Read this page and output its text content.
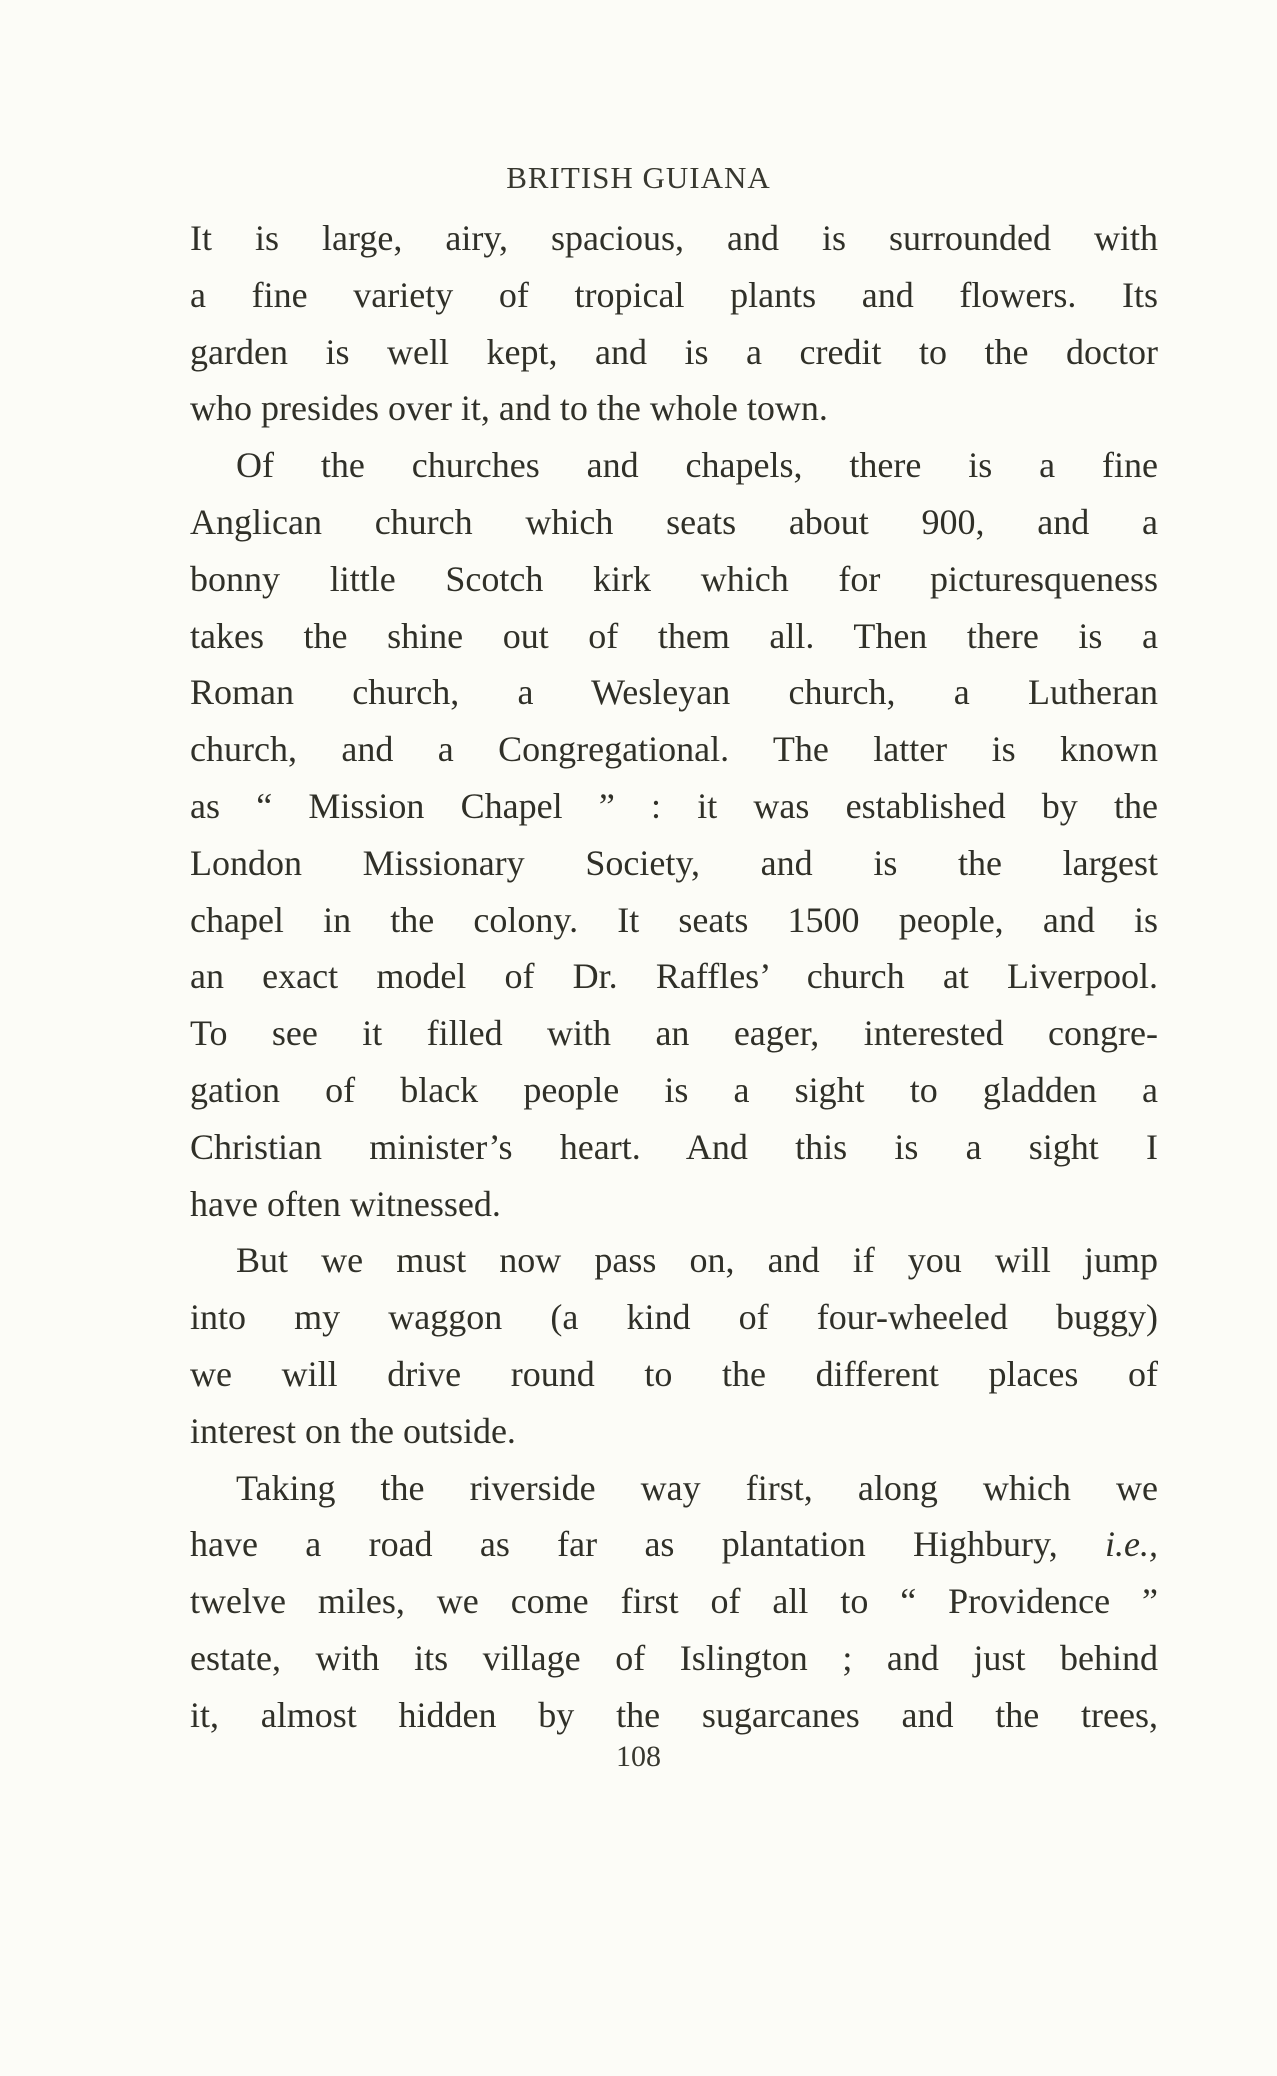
BRITISH GUIANA
It is large, airy, spacious, and is surrounded with
a fine variety of tropical plants and flowers. Its
garden is well kept, and is a credit to the doctor
who presides over it, and to the whole town.
Of the churches and chapels, there is a fine
Anglican church which seats about 900, and a
bonny little Scotch kirk which for picturesqueness
takes the shine out of them all. Then there is a
Roman church, a Wesleyan church, a Lutheran
church, and a Congregational. The latter is known
as “ Mission Chapel ” : it was established by the
London Missionary Society, and is the largest
chapel in the colony. It seats 1500 people, and is
an exact model of Dr. Raffles’ church at Liverpool.
To see it filled with an eager, interested congre-
gation of black people is a sight to gladden a
Christian minister’s heart. And this is a sight I
have often witnessed.
But we must now pass on, and if you will jump
into my waggon (a kind of four-wheeled buggy)
we will drive round to the different places of
interest on the outside.
Taking the riverside way first, along which we
have a road as far as plantation Highbury, i.e.,
twelve miles, we come first of all to “ Providence ”
estate, with its village of Islington ; and just behind
it, almost hidden by the sugarcanes and the trees,
108
